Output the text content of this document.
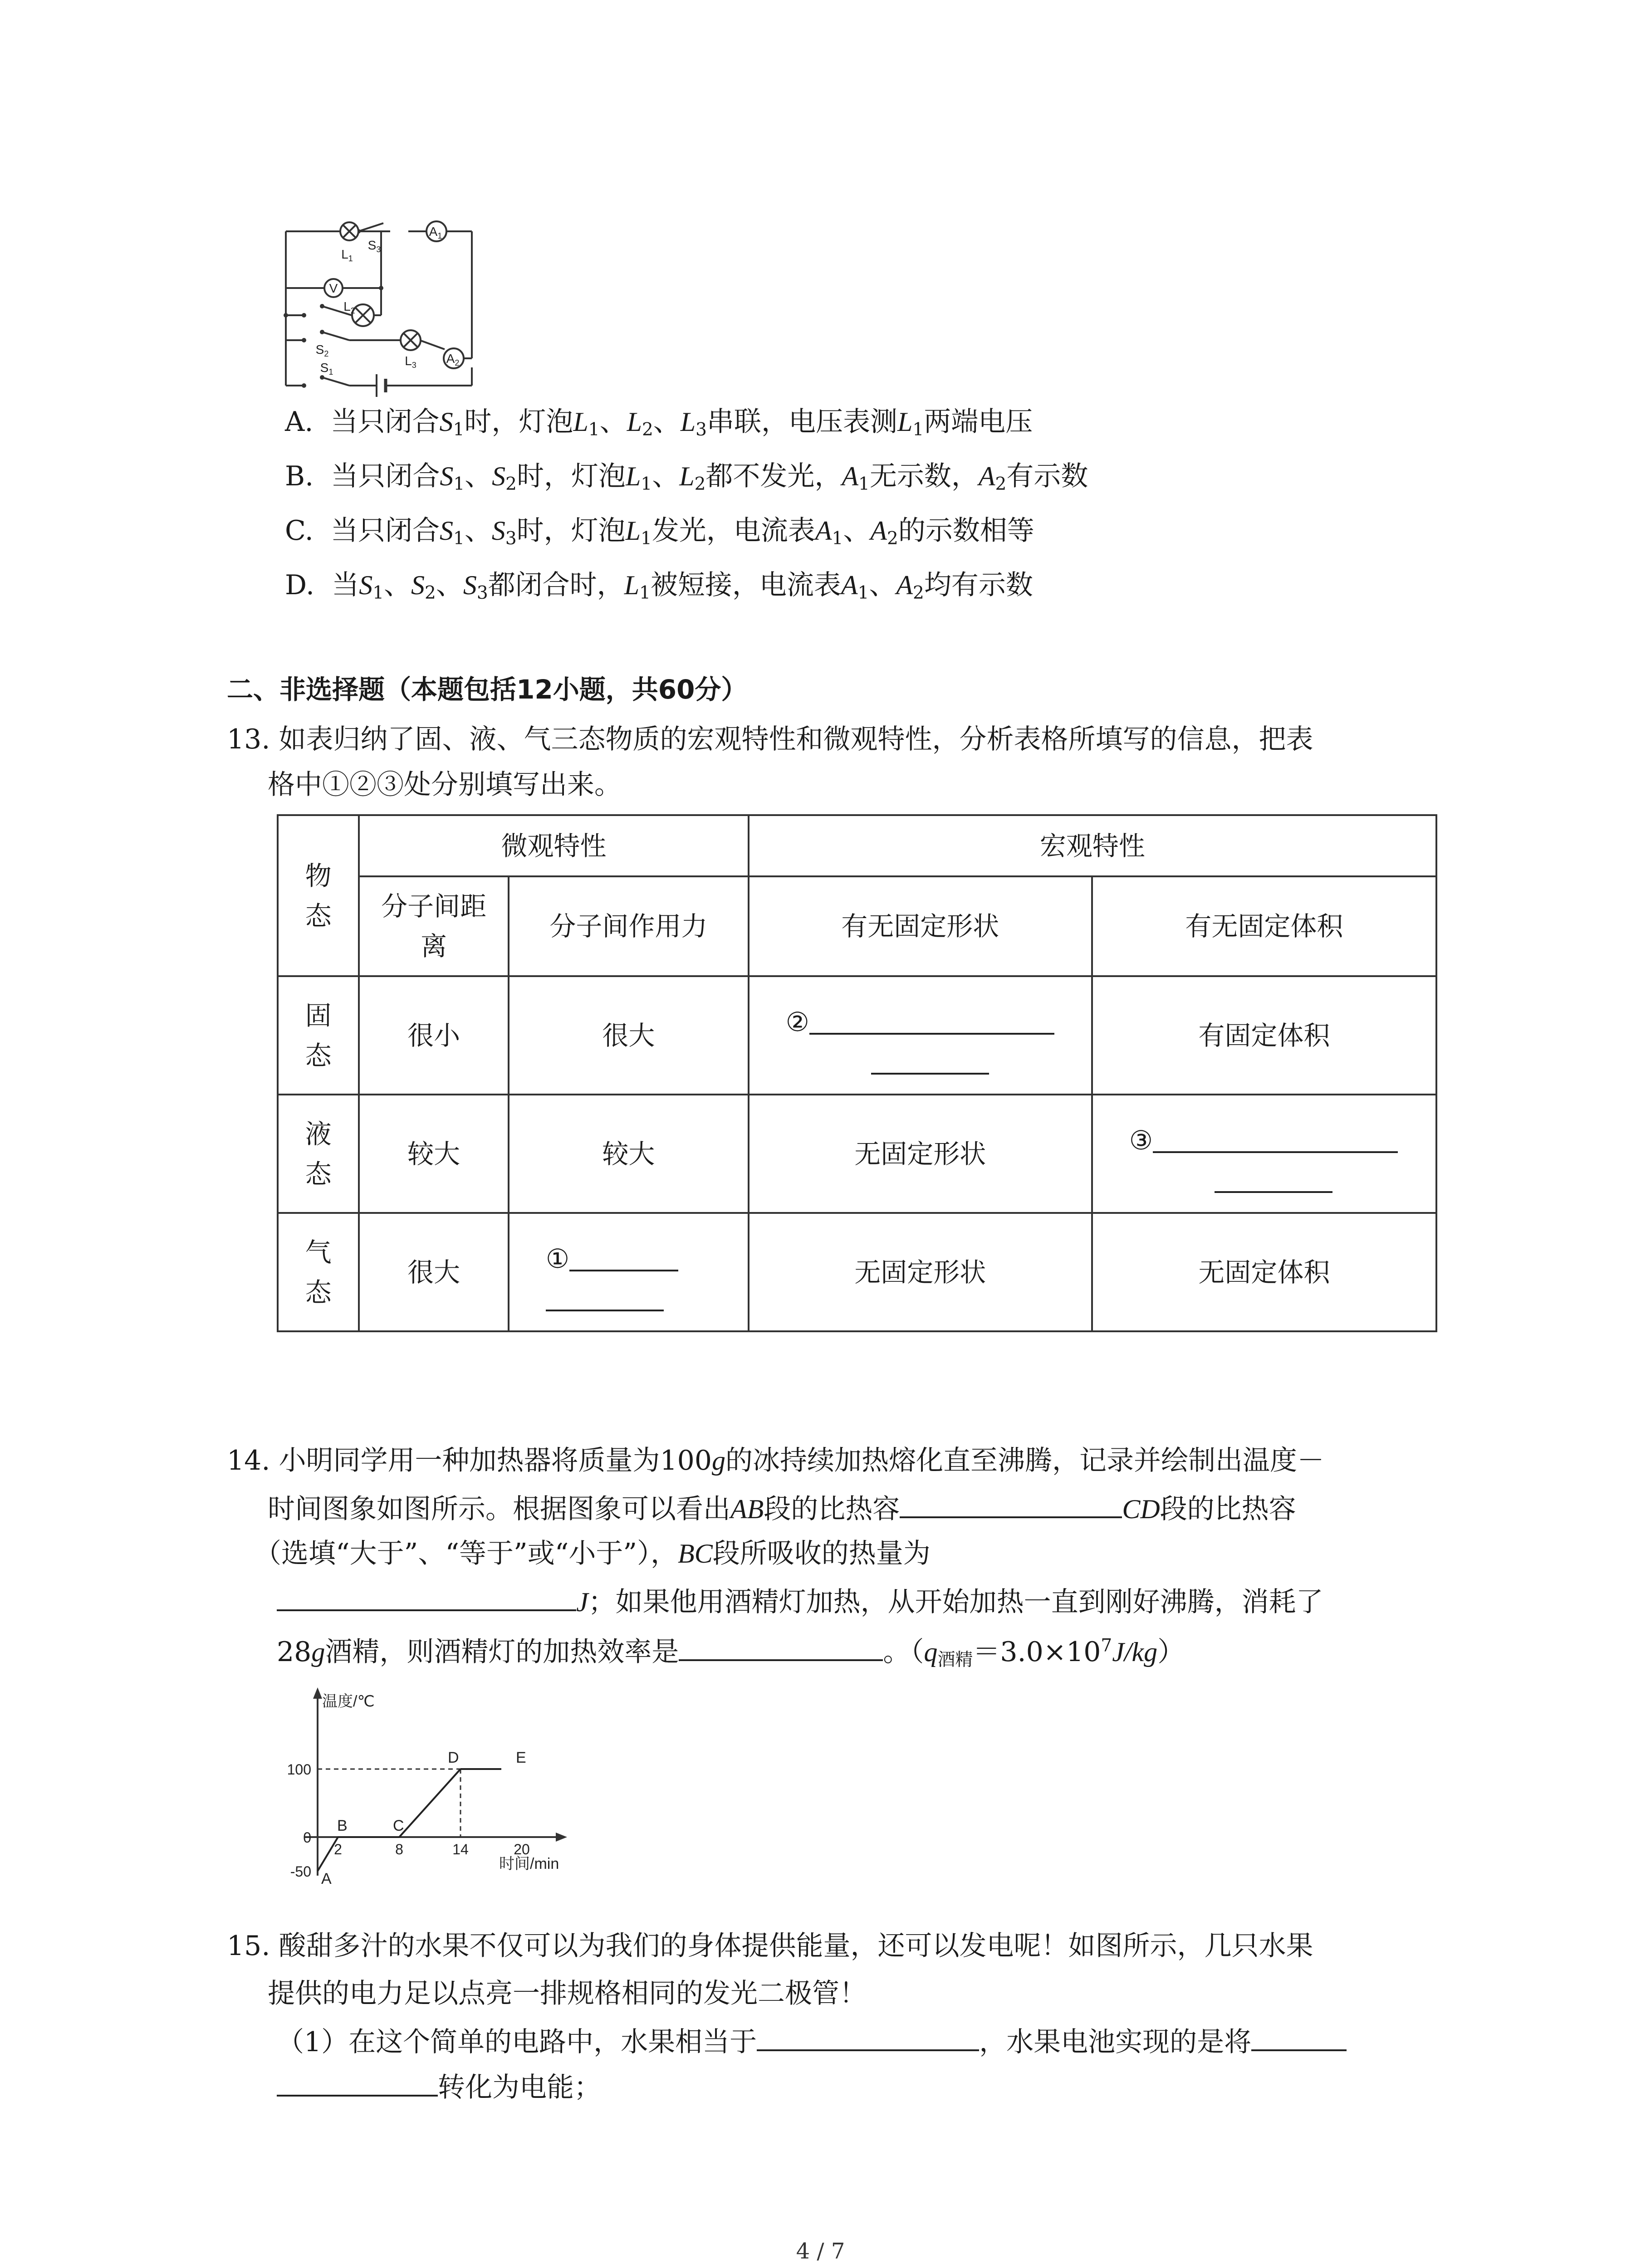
V
$A_1$
$A_2$
$L_1$
$L_2$
$L_3$
$S_3$
$S_2$
$S_1$
A. 当只闭合$S_1$时，灯泡$L_1$、$L_2$、$L_3$串联，电压表测$L_1$两端电压
B. 当只闭合$S_1$、$S_2$时，灯泡$L_1$、$L_2$都不发光，$A_1$无示数，$A_2$有示数
C. 当只闭合$S_1$、$S_3$时，灯泡$L_1$发光，电流表$A_1$、$A_2$的示数相等
D. 当$S_1$、$S_2$、$S_3$都闭合时，$L_1$被短接，电流表$A_1$、$A_2$均有示数
二、非选择题（本题包括12小题，共60分）
13. 如表归纳了固、液、气三态物质的宏观特性和微观特性，分析表格所填写的信息，把表
格中①②③处分别填写出来。
物态	微观特性		宏观特性	
	分子间距离	分子间作用力	有无固定形状	有无固定体积
固态	很小	很大	②	有固定体积
液态	较大	较大	无固定形状	③

气态	很大	①	无固定形状	无固定体积
14. 小明同学用一种加热器将质量为100g的冰持续加热熔化直至沸腾，记录并绘制出温度－
时间图象如图所示。根据图象可以看出AB段的比热容	CD段的比热容
（选填“大于”、“等于”或“小于”），BC段所吸收的热量为
J；如果他用酒精灯加热，从开始加热一直到刚好沸腾，消耗了
28g酒精，则酒精灯的加热效率是	。$(q_{酒精}=3.0\times 10^7J/kg)$
温度/℃
时间/min
A
B	C
D	E
2	8	14	20
100
0
-50
15. 酸甜多汁的水果不仅可以为我们的身体提供能量，还可以发电呢！如图所示，几只水果
提供的电力足以点亮一排规格相同的发光二极管！
（1）在这个简单的电路中，水果相当于	，水果电池实现的是将
转化为电能；
4 / 7
